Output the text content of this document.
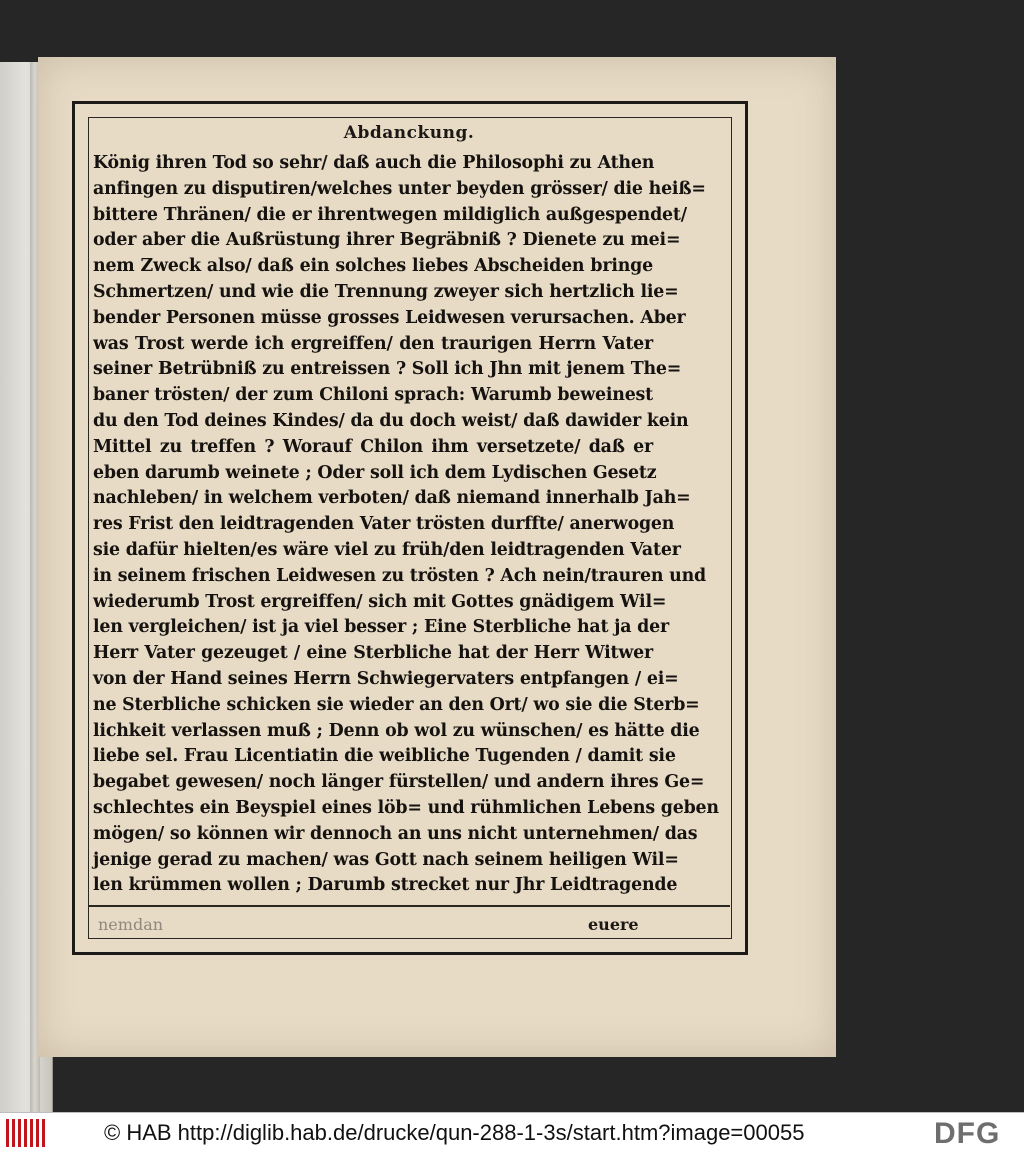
Abdanckung.
König ihren Tod so sehr/ daß auch die Philosophi zu Athen
anfingen zu disputiren/welches unter beyden grösser/ die heiß=
bittere Thränen/ die er ihrentwegen mildiglich außgespendet/
oder aber die Außrüstung ihrer Begräbniß ? Dienete zu mei=
nem Zweck also/ daß ein solches liebes Abscheiden bringe
Schmertzen/ und wie die Trennung zweyer sich hertzlich lie=
bender Personen müsse grosses Leidwesen verursachen. Aber
was Trost werde ich ergreiffen/ den traurigen Herrn Vater
seiner Betrübniß zu entreissen ? Soll ich Jhn mit jenem The=
baner trösten/ der zum Chiloni sprach: Warumb beweinest
du den Tod deines Kindes/ da du doch weist/ daß dawider kein
Mittel zu treffen ? Worauf Chilon ihm versetzete/ daß er
eben darumb weinete ; Oder soll ich dem Lydischen Gesetz
nachleben/ in welchem verboten/ daß niemand innerhalb Jah=
res Frist den leidtragenden Vater trösten durffte/ anerwogen
sie dafür hielten/es wäre viel zu früh/den leidtragenden Vater
in seinem frischen Leidwesen zu trösten ? Ach nein/trauren und
wiederumb Trost ergreiffen/ sich mit Gottes gnädigem Wil=
len vergleichen/ ist ja viel besser ; Eine Sterbliche hat ja der
Herr Vater gezeuget / eine Sterbliche hat der Herr Witwer
von der Hand seines Herrn Schwiegervaters entpfangen / ei=
ne Sterbliche schicken sie wieder an den Ort/ wo sie die Sterb=
lichkeit verlassen muß ; Denn ob wol zu wünschen/ es hätte die
liebe sel. Frau Licentiatin die weibliche Tugenden / damit sie
begabet gewesen/ noch länger fürstellen/ und andern ihres Ge=
schlechtes ein Beyspiel eines löb= und rühmlichen Lebens geben
mögen/ so können wir dennoch an uns nicht unternehmen/ das
jenige gerad zu machen/ was Gott nach seinem heiligen Wil=
len krümmen wollen ; Darumb strecket nur Jhr Leidtragende
nemdan	euere
© HAB http://diglib.hab.de/drucke/qun-288-1-3s/start.htm?image=00055	DFG
